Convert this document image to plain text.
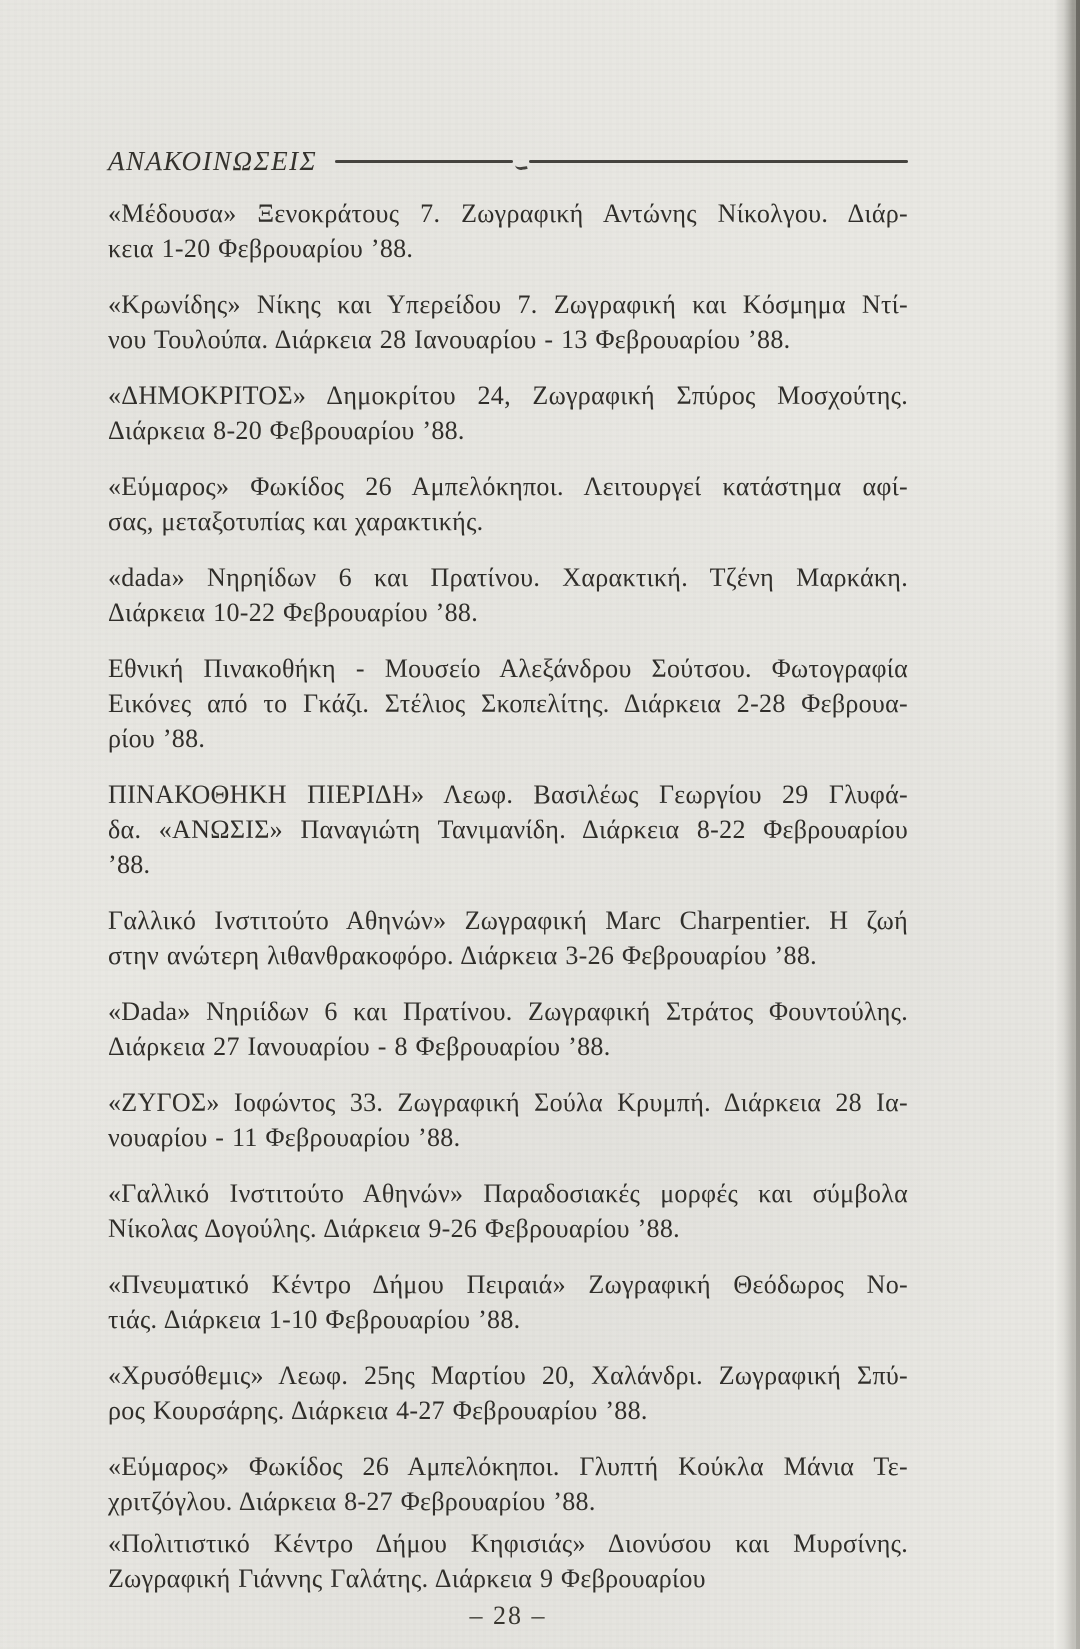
ΑΝΑΚΟΙΝΩΣΕΙΣ

«Μέδουσα» Ξενοκράτους 7. Ζωγραφική Αντώνης Νίκολγου. Διάρ-
κεια 1-20 Φεβρουαρίου ’88.

«Κρωνίδης» Νίκης και Υπερείδου 7. Ζωγραφική και Κόσμημα Ντί-
νου Τουλούπα. Διάρκεια 28 Ιανουαρίου - 13 Φεβρουαρίου ’88.

«ΔΗΜΟΚΡΙΤΟΣ» Δημοκρίτου 24, Ζωγραφική Σπύρος Μοσχούτης.
Διάρκεια 8-20 Φεβρουαρίου ’88.

«Εύμαρος» Φωκίδος 26 Αμπελόκηποι. Λειτουργεί κατάστημα αφί-
σας, μεταξοτυπίας και χαρακτικής.

«dada» Νηρηίδων 6 και Πρατίνου. Χαρακτική. Τζένη Μαρκάκη.
Διάρκεια 10-22 Φεβρουαρίου ’88.

Εθνική Πινακοθήκη - Μουσείο Αλεξάνδρου Σούτσου. Φωτογραφία
Εικόνες από το Γκάζι. Στέλιος Σκοπελίτης. Διάρκεια 2-28 Φεβρουα-
ρίου ’88.

ΠΙΝΑΚΟΘΗΚΗ ΠΙΕΡΙΔΗ» Λεωφ. Βασιλέως Γεωργίου 29 Γλυφά-
δα. «ΑΝΩΣΙΣ» Παναγιώτη Τανιμανίδη. Διάρκεια 8-22 Φεβρουαρίου
’88.

Γαλλικό Ινστιτούτο Αθηνών» Ζωγραφική Marc Charpentier. Η ζωή
στην ανώτερη λιθανθρακοφόρο. Διάρκεια 3-26 Φεβρουαρίου ’88.

«Dada» Νηριίδων 6 και Πρατίνου. Ζωγραφική Στράτος Φουντούλης.
Διάρκεια 27 Ιανουαρίου - 8 Φεβρουαρίου ’88.

«ΖΥΓΟΣ» Ιοφώντος 33. Ζωγραφική Σούλα Κρυμπή. Διάρκεια 28 Ια-
νουαρίου - 11 Φεβρουαρίου ’88.

«Γαλλικό Ινστιτούτο Αθηνών» Παραδοσιακές μορφές και σύμβολα
Νίκολας Δογούλης. Διάρκεια 9-26 Φεβρουαρίου ’88.

«Πνευματικό Κέντρο Δήμου Πειραιά» Ζωγραφική Θεόδωρος Νο-
τιάς. Διάρκεια 1-10 Φεβρουαρίου ’88.

«Χρυσόθεμις» Λεωφ. 25ης Μαρτίου 20, Χαλάνδρι. Ζωγραφική Σπύ-
ρος Κουρσάρης. Διάρκεια 4-27 Φεβρουαρίου ’88.

«Εύμαρος» Φωκίδος 26 Αμπελόκηποι. Γλυπτή Κούκλα Μάνια Τε-
χριτζόγλου. Διάρκεια 8-27 Φεβρουαρίου ’88.

«Πολιτιστικό Κέντρο Δήμου Κηφισιάς» Διονύσου και Μυρσίνης.
Ζωγραφική Γιάννης Γαλάτης. Διάρκεια 9 Φεβρουαρίου

– 28 –
